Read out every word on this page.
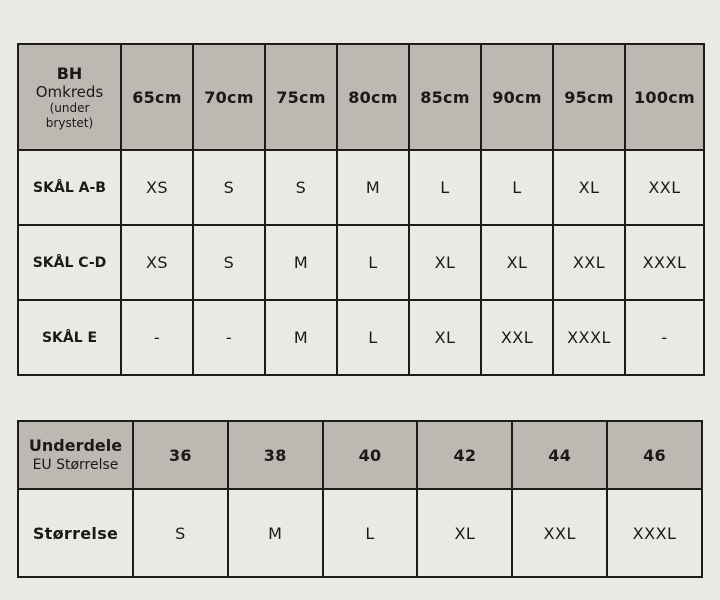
BH
Omkreds
(under
brystet)	65cm	70cm	75cm	80cm	85cm	90cm	95cm	100cm
SKÅL A-B	XS	S	S	M	L	L	XL	XXL
SKÅL C-D	XS	S	M	L	XL	XL	XXL	XXXL
SKÅL E	-	-	M	L	XL	XXL	XXXL	-
Underdele
EU Størrelse	36	38	40	42	44	46
Størrelse	S	M	L	XL	XXL	XXXL
